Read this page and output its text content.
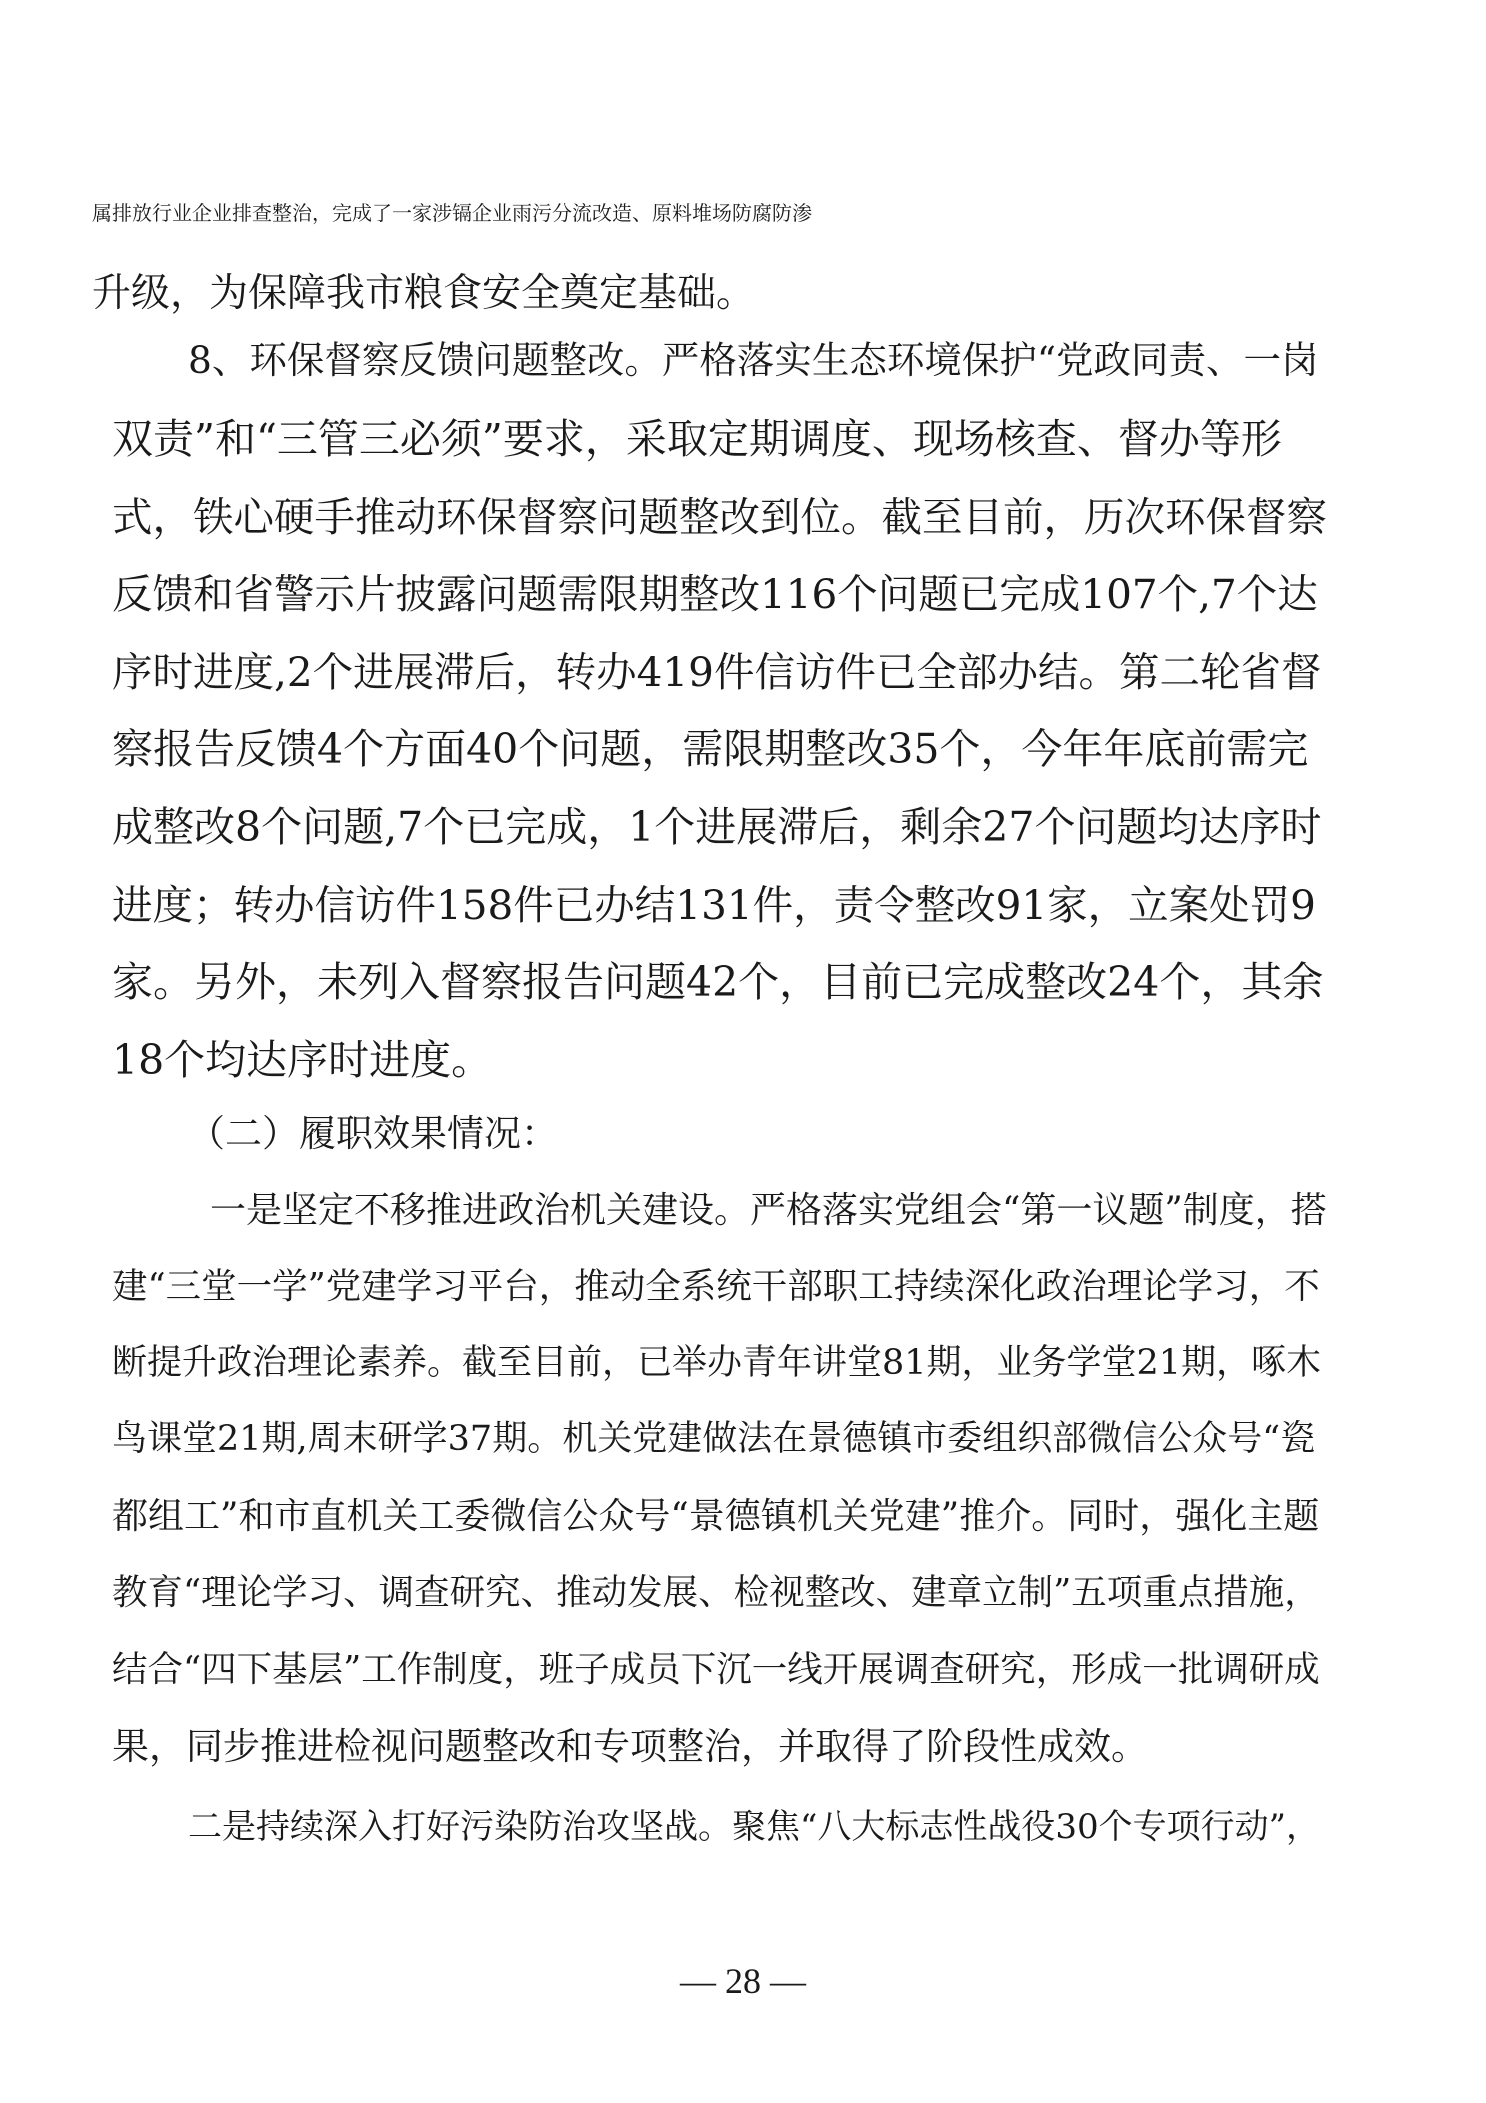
属排放行业企业排查整治，完成了一家涉镉企业雨污分流改造、原料堆场防腐防渗
升级，为保障我市粮食安全奠定基础。
8、环保督察反馈问题整改。严格落实生态环境保护“党政同责、一岗
双责”和“三管三必须”要求，采取定期调度、现场核查、督办等形
式，铁心硬手推动环保督察问题整改到位。截至目前，历次环保督察
反馈和省警示片披露问题需限期整改116个问题已完成107个,7个达
序时进度,2个进展滞后，转办419件信访件已全部办结。第二轮省督
察报告反馈4个方面40个问题，需限期整改35个，今年年底前需完
成整改8个问题,7个已完成，1个进展滞后，剩余27个问题均达序时
进度；转办信访件158件已办结131件，责令整改91家，立案处罚9
家。另外，未列入督察报告问题42个，目前已完成整改24个，其余
18个均达序时进度。
（二）履职效果情况：
一是坚定不移推进政治机关建设。严格落实党组会“第一议题”制度，搭
建“三堂一学”党建学习平台，推动全系统干部职工持续深化政治理论学习，不
断提升政治理论素养。截至目前，已举办青年讲堂81期，业务学堂21期，啄木
鸟课堂21期,周末研学37期。机关党建做法在景德镇市委组织部微信公众号“瓷
都组工”和市直机关工委微信公众号“景德镇机关党建”推介。同时，强化主题
教育“理论学习、调查研究、推动发展、检视整改、建章立制”五项重点措施，
结合“四下基层”工作制度，班子成员下沉一线开展调查研究，形成一批调研成
果，同步推进检视问题整改和专项整治，并取得了阶段性成效。
二是持续深入打好污染防治攻坚战。聚焦“八大标志性战役30个专项行动”，
— 28 —
